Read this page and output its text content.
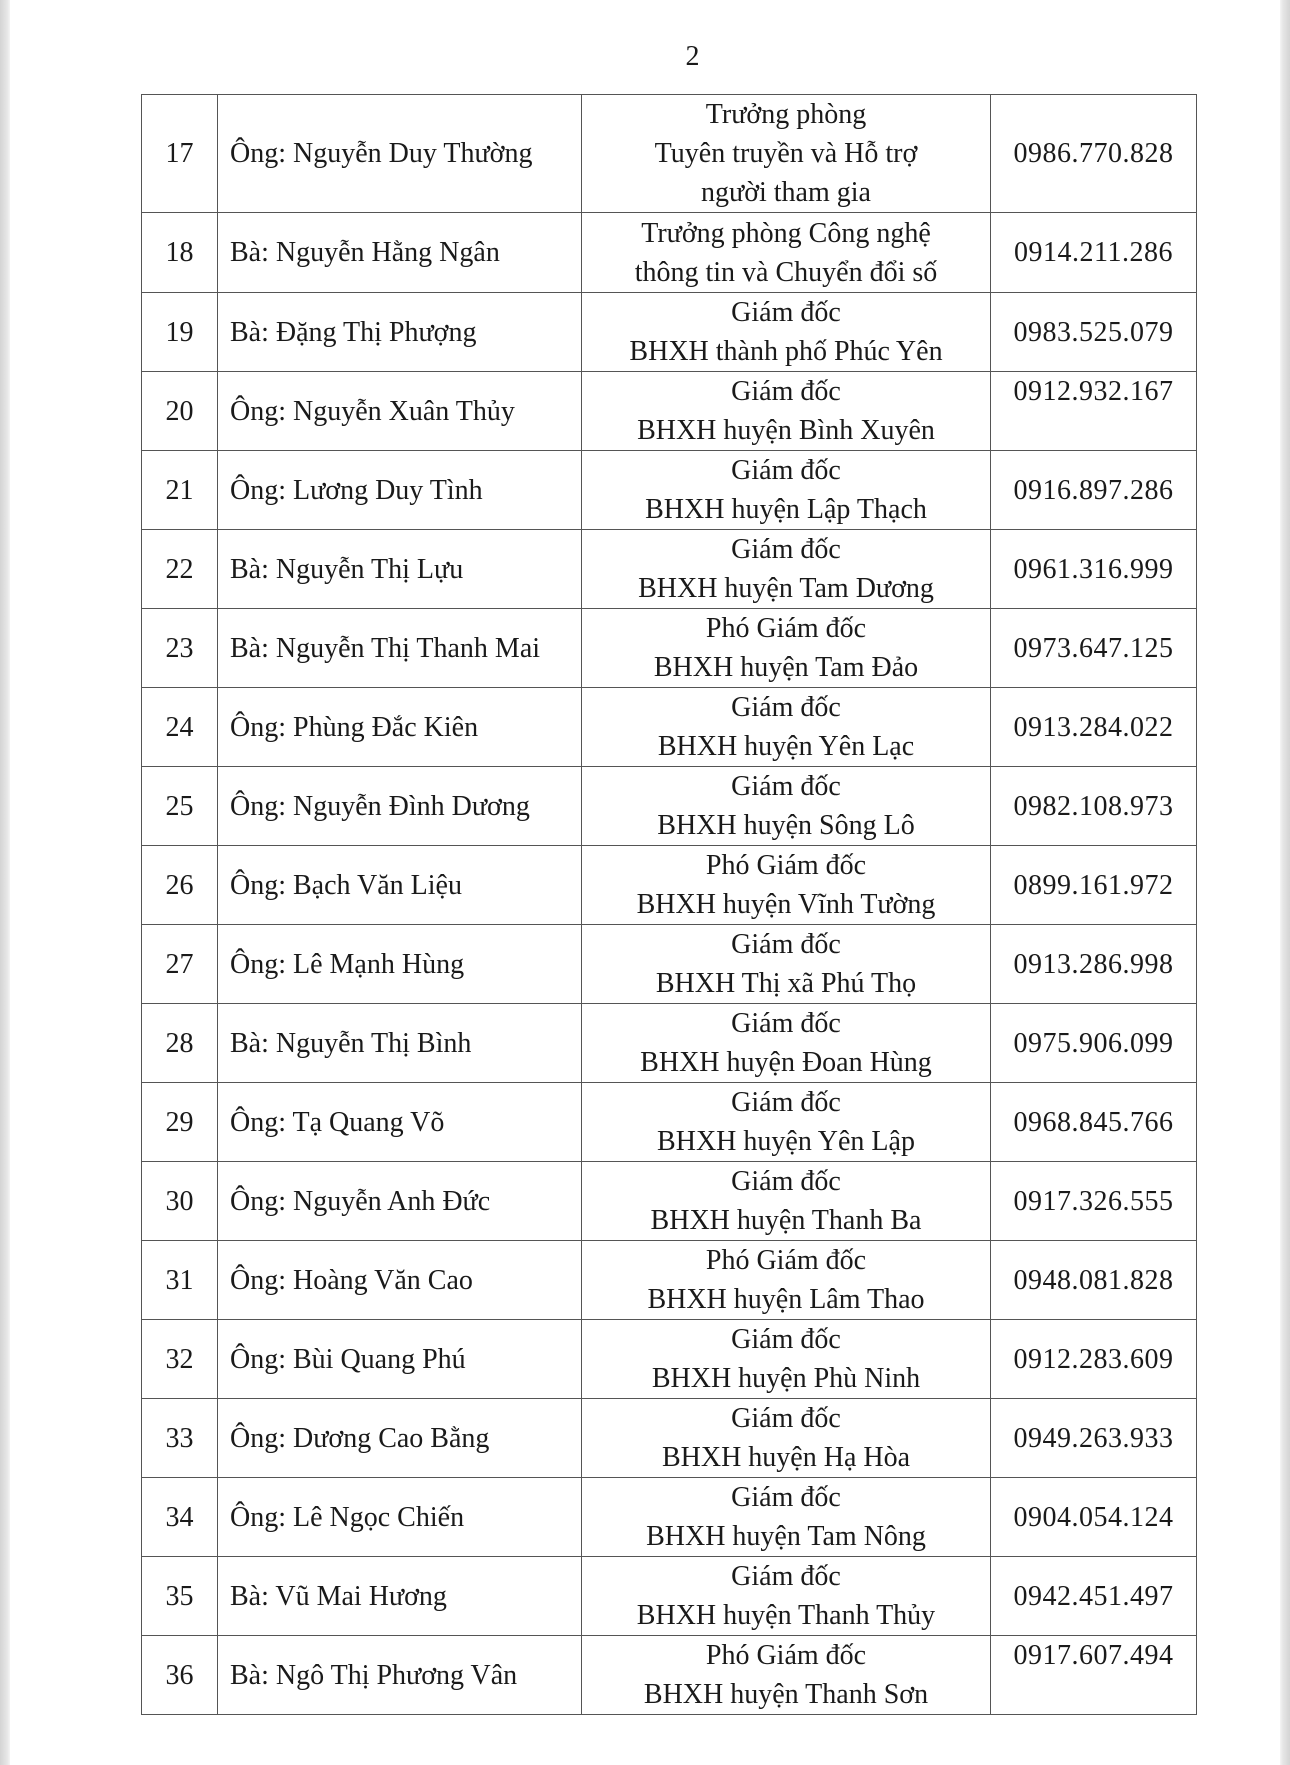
2
17	Ông: Nguyễn Duy Thường	Trưởng phòng
Tuyên truyền và Hỗ trợ
người tham gia	0986.770.828
18	Bà: Nguyễn Hằng Ngân	Trưởng phòng Công nghệ
thông tin và Chuyển đổi số	0914.211.286
19	Bà: Đặng Thị Phượng	Giám đốc
BHXH thành phố Phúc Yên	0983.525.079
20	Ông: Nguyễn Xuân Thủy	Giám đốc
BHXH huyện Bình Xuyên	0912.932.167
21	Ông: Lương Duy Tình	Giám đốc
BHXH huyện Lập Thạch	0916.897.286
22	Bà: Nguyễn Thị Lựu	Giám đốc
BHXH huyện Tam Dương	0961.316.999
23	Bà: Nguyễn Thị Thanh Mai	Phó Giám đốc
BHXH huyện Tam Đảo	0973.647.125
24	Ông: Phùng Đắc Kiên	Giám đốc
BHXH huyện Yên Lạc	0913.284.022
25	Ông: Nguyễn Đình Dương	Giám đốc
BHXH huyện Sông Lô	0982.108.973
26	Ông: Bạch Văn Liệu	Phó Giám đốc
BHXH huyện Vĩnh Tường	0899.161.972
27	Ông: Lê Mạnh Hùng	Giám đốc
BHXH Thị xã Phú Thọ	0913.286.998
28	Bà: Nguyễn Thị Bình	Giám đốc
BHXH huyện Đoan Hùng	0975.906.099
29	Ông: Tạ Quang Võ	Giám đốc
BHXH huyện Yên Lập	0968.845.766
30	Ông: Nguyễn Anh Đức	Giám đốc
BHXH huyện Thanh Ba	0917.326.555
31	Ông: Hoàng Văn Cao	Phó Giám đốc
BHXH huyện Lâm Thao	0948.081.828
32	Ông: Bùi Quang Phú	Giám đốc
BHXH huyện Phù Ninh	0912.283.609
33	Ông: Dương Cao Bằng	Giám đốc
BHXH huyện Hạ Hòa	0949.263.933
34	Ông: Lê Ngọc Chiến	Giám đốc
BHXH huyện Tam Nông	0904.054.124
35	Bà: Vũ Mai Hương	Giám đốc
BHXH huyện Thanh Thủy	0942.451.497
36	Bà: Ngô Thị Phương Vân	Phó Giám đốc
BHXH huyện Thanh Sơn	0917.607.494
